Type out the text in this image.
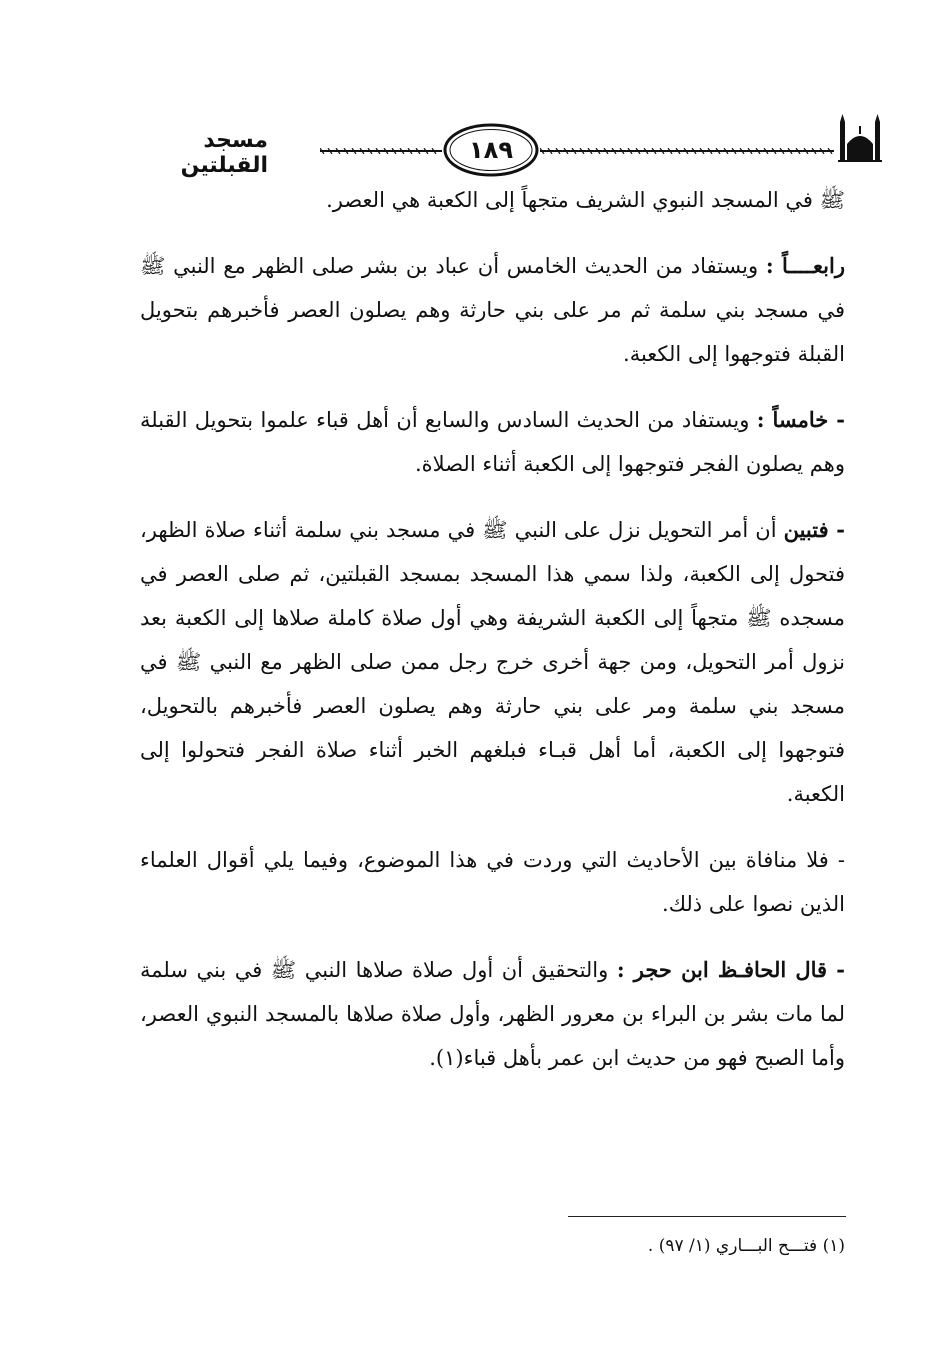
١٨٩
مسجد القبلتين

ﷺ في المسجد النبوي الشريف متجهاً إلى الكعبة هي العصر.

رابعــــاً : ويستفاد من الحديث الخامس أن عباد بن بشر صلى الظهر مع النبي ﷺ في مسجد بني سلمة ثم مر على بني حارثة وهم يصلون العصر فأخبرهم بتحويل القبلة فتوجهوا إلى الكعبة.

- خامساً : ويستفاد من الحديث السادس والسابع أن أهل قباء علموا بتحويل القبلة وهم يصلون الفجر فتوجهوا إلى الكعبة أثناء الصلاة.

- فتبين أن أمر التحويل نزل على النبي ﷺ في مسجد بني سلمة أثناء صلاة الظهر، فتحول إلى الكعبة، ولذا سمي هذا المسجد بمسجد القبلتين، ثم صلى العصر في مسجده ﷺ متجهاً إلى الكعبة الشريفة وهي أول صلاة كاملة صلاها إلى الكعبة بعد نزول أمر التحويل، ومن جهة أخرى خرج رجل ممن صلى الظهر مع النبي ﷺ في مسجد بني سلمة ومر على بني حارثة وهم يصلون العصر فأخبرهم بالتحويل، فتوجهوا إلى الكعبة، أما أهل قبـاء فبلغهم الخبر أثناء صلاة الفجر فتحولوا إلى الكعبة.

- فلا منافاة بين الأحاديث التي وردت في هذا الموضوع، وفيما يلي أقوال العلماء الذين نصوا على ذلك.

- قال الحافـظ ابن حجر : والتحقيق أن أول صلاة صلاها النبي ﷺ في بني سلمة لما مات بشر بن البراء بن معرور الظهر، وأول صلاة صلاها بالمسجد النبوي العصر، وأما الصبح فهو من حديث ابن عمر بأهل قباء(١).

(١) فتـــح البـــاري (١/ ٩٧) .
